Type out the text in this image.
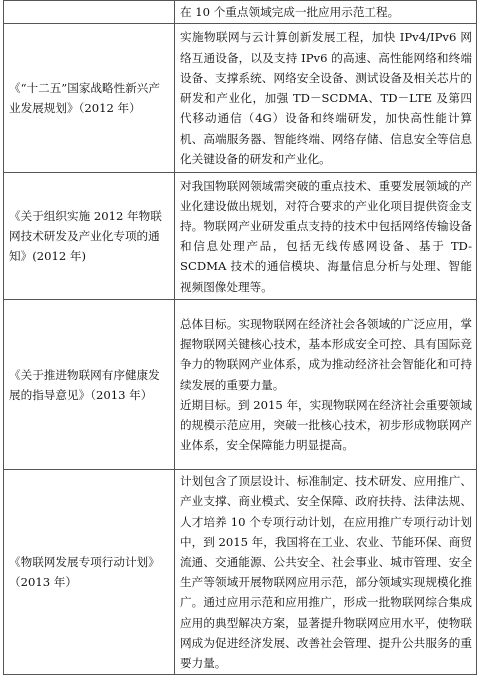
	在 10 个重点领域完成一批应用示范工程。

《“十二五”国家战略性新兴产业发展规划》（2012 年）	实施物联网与云计算创新发展工程，加快 IPv4/IPv6 网络互通设备，以及支持 IPv6 的高速、高性能网络和终端设备、支撑系统、网络安全设备、测试设备及相关芯片的研发和产业化，加强 TD－SCDMA、TD－LTE 及第四代移动通信（4G）设备和终端研发，加快高性能计算机、高端服务器、智能终端、网络存储、信息安全等信息化关键设备的研发和产业化。

《关于组织实施 2012 年物联网技术研发及产业化专项的通知》(2012 年)	对我国物联网领域需突破的重点技术、重要发展领域的产业化建设做出规划，对符合要求的产业化项目提供资金支持。物联网产业研发重点支持的技术中包括网络传输设备和信息处理产品，包括无线传感网设备、基于 TD-SCDMA 技术的通信模块、海量信息分析与处理、智能视频图像处理等。

《关于推进物联网有序健康发展的指导意见》（2013 年）	总体目标。实现物联网在经济社会各领域的广泛应用，掌握物联网关键核心技术，基本形成安全可控、具有国际竞争力的物联网产业体系，成为推动经济社会智能化和可持续发展的重要力量。
近期目标。到 2015 年，实现物联网在经济社会重要领域的规模示范应用，突破一批核心技术，初步形成物联网产业体系，安全保障能力明显提高。

《物联网发展专项行动计划》（2013 年）	计划包含了顶层设计、标准制定、技术研发、应用推广、产业支撑、商业模式、安全保障、政府扶持、法律法规、人才培养 10 个专项行动计划，在应用推广专项行动计划中，到 2015 年，我国将在工业、农业、节能环保、商贸流通、交通能源、公共安全、社会事业、城市管理、安全生产等领域开展物联网应用示范，部分领域实现规模化推广。通过应用示范和应用推广，形成一批物联网综合集成应用的典型解决方案，显著提升物联网应用水平，使物联网成为促进经济发展、改善社会管理、提升公共服务的重要力量。
